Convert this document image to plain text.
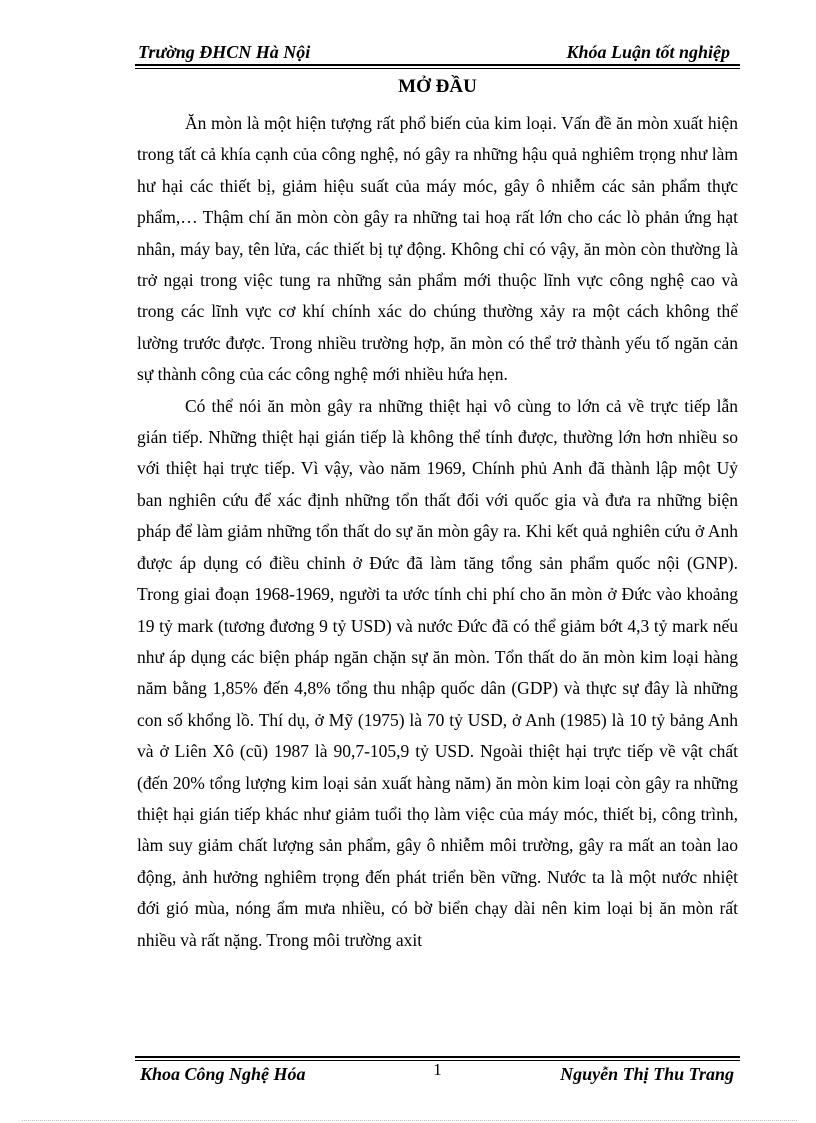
Trường ĐHCN Hà Nội	Khóa Luận tốt nghiệp
MỞ ĐẦU

Ăn mòn là một hiện tượng rất phổ biến của kim loại. Vấn đề ăn mòn xuất hiện trong tất cả khía cạnh của công nghệ, nó gây ra những hậu quả nghiêm trọng như làm hư hại các thiết bị, giảm hiệu suất của máy móc, gây ô nhiễm các sản phẩm thực phẩm,… Thậm chí ăn mòn còn gây ra những tai hoạ rất lớn cho các lò phản ứng hạt nhân, máy bay, tên lửa, các thiết bị tự động. Không chỉ có vậy, ăn mòn còn thường là trở ngại trong việc tung ra những sản phẩm mới thuộc lĩnh vực công nghệ cao và trong các lĩnh vực cơ khí chính xác do chúng thường xảy ra một cách không thể lường trước được. Trong nhiều trường hợp, ăn mòn có thể trở thành yếu tố ngăn cản sự thành công của các công nghệ mới nhiều hứa hẹn.

Có thể nói ăn mòn gây ra những thiệt hại vô cùng to lớn cả về trực tiếp lẫn gián tiếp. Những thiệt hại gián tiếp là không thể tính được, thường lớn hơn nhiều so với thiệt hại trực tiếp. Vì vậy, vào năm 1969, Chính phủ Anh đã thành lập một Uỷ ban nghiên cứu để xác định những tổn thất đối với quốc gia và đưa ra những biện pháp để làm giảm những tổn thất do sự ăn mòn gây ra. Khi kết quả nghiên cứu ở Anh được áp dụng có điều chỉnh ở Đức đã làm tăng tổng sản phẩm quốc nội (GNP). Trong giai đoạn 1968-1969, người ta ước tính chi phí cho ăn mòn ở Đức vào khoảng 19 tỷ mark (tương đương 9 tỷ USD) và nước Đức đã có thể giảm bớt 4,3 tỷ mark nếu như áp dụng các biện pháp ngăn chặn sự ăn mòn. Tổn thất do ăn mòn kim loại hàng năm bằng 1,85% đến 4,8% tổng thu nhập quốc dân (GDP) và thực sự đây là những con số khổng lồ. Thí dụ, ở Mỹ (1975) là 70 tỷ USD, ở Anh (1985) là 10 tỷ bảng Anh và ở Liên Xô (cũ) 1987 là 90,7-105,9 tỷ USD. Ngoài thiệt hại trực tiếp về vật chất (đến 20% tổng lượng kim loại sản xuất hàng năm) ăn mòn kim loại còn gây ra những thiệt hại gián tiếp khác như giảm tuổi thọ làm việc của máy móc, thiết bị, công trình, làm suy giảm chất lượng sản phẩm, gây ô nhiễm môi trường, gây ra mất an toàn lao động, ảnh hưởng nghiêm trọng đến phát triển bền vững. Nước ta là một nước nhiệt đới gió mùa, nóng ẩm mưa nhiều, có bờ biển chạy dài nên kim loại bị ăn mòn rất nhiều và rất nặng. Trong môi trường axit

Khoa Công Nghệ Hóa	1	Nguyễn Thị Thu Trang
